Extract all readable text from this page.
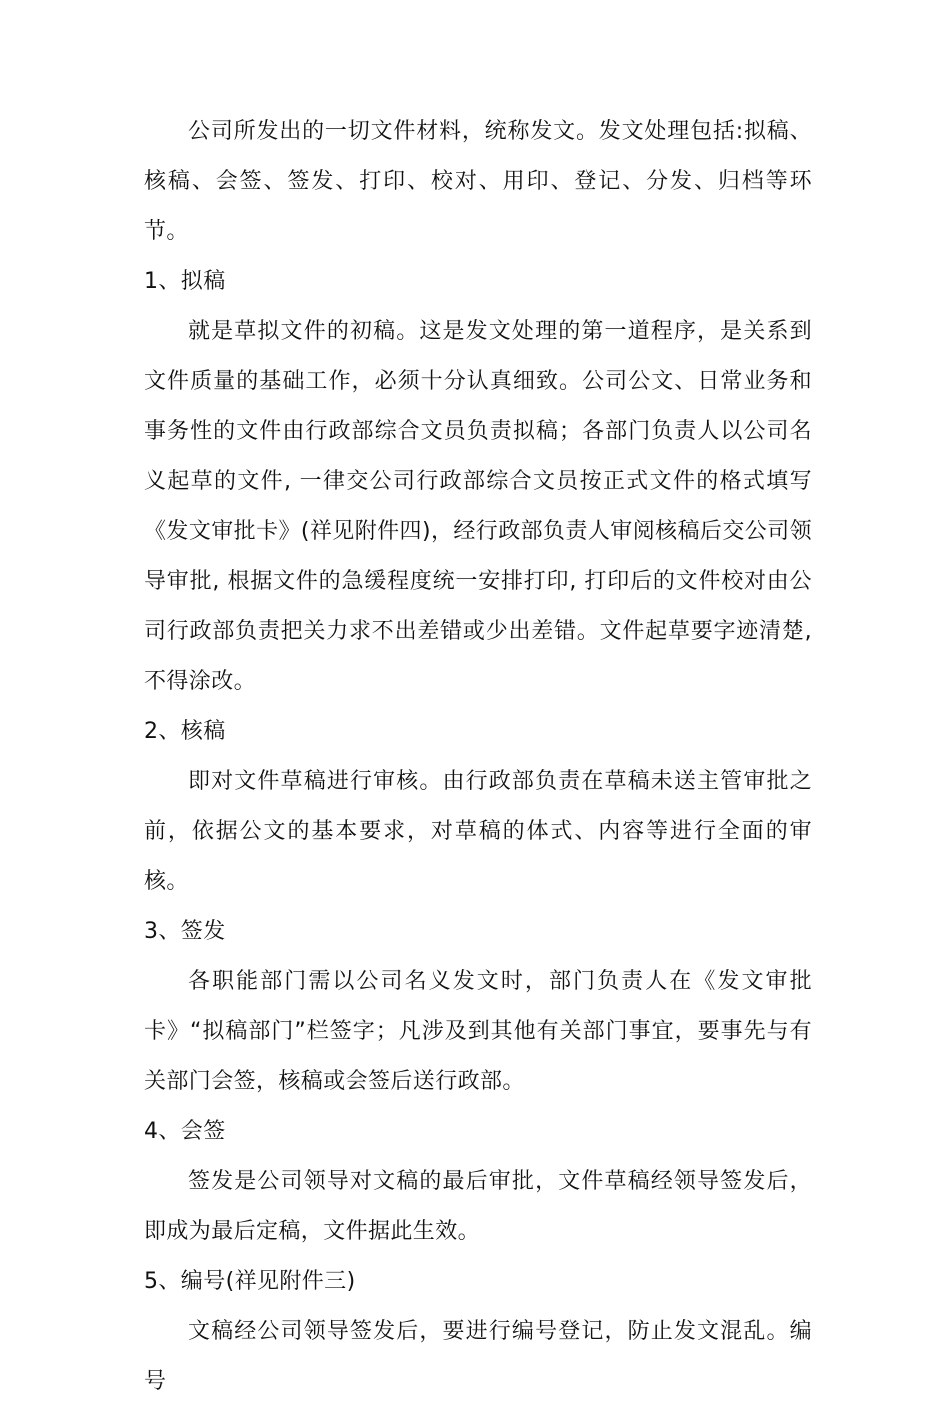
公司所发出的一切文件材料，统称发文。发文处理包括:拟稿、核稿、会签、签发、打印、校对、用印、登记、分发、归档等环节。

1、拟稿

就是草拟文件的初稿。这是发文处理的第一道程序，是关系到文件质量的基础工作，必须十分认真细致。公司公文、日常业务和事务性的文件由行政部综合文员负责拟稿；各部门负责人以公司名义起草的文件, 一律交公司行政部综合文员按正式文件的格式填写《发文审批卡》(祥见附件四)，经行政部负责人审阅核稿后交公司领导审批, 根据文件的急缓程度统一安排打印, 打印后的文件校对由公司行政部负责把关力求不出差错或少出差错。文件起草要字迹清楚,不得涂改。

2、核稿

即对文件草稿进行审核。由行政部负责在草稿未送主管审批之前，依据公文的基本要求，对草稿的体式、内容等进行全面的审核。

3、签发

各职能部门需以公司名义发文时，部门负责人在《发文审批卡》“拟稿部门”栏签字；凡涉及到其他有关部门事宜，要事先与有关部门会签，核稿或会签后送行政部。

4、会签

签发是公司领导对文稿的最后审批，文件草稿经领导签发后，即成为最后定稿，文件据此生效。

5、编号(祥见附件三)

文稿经公司领导签发后，要进行编号登记，防止发文混乱。编号
